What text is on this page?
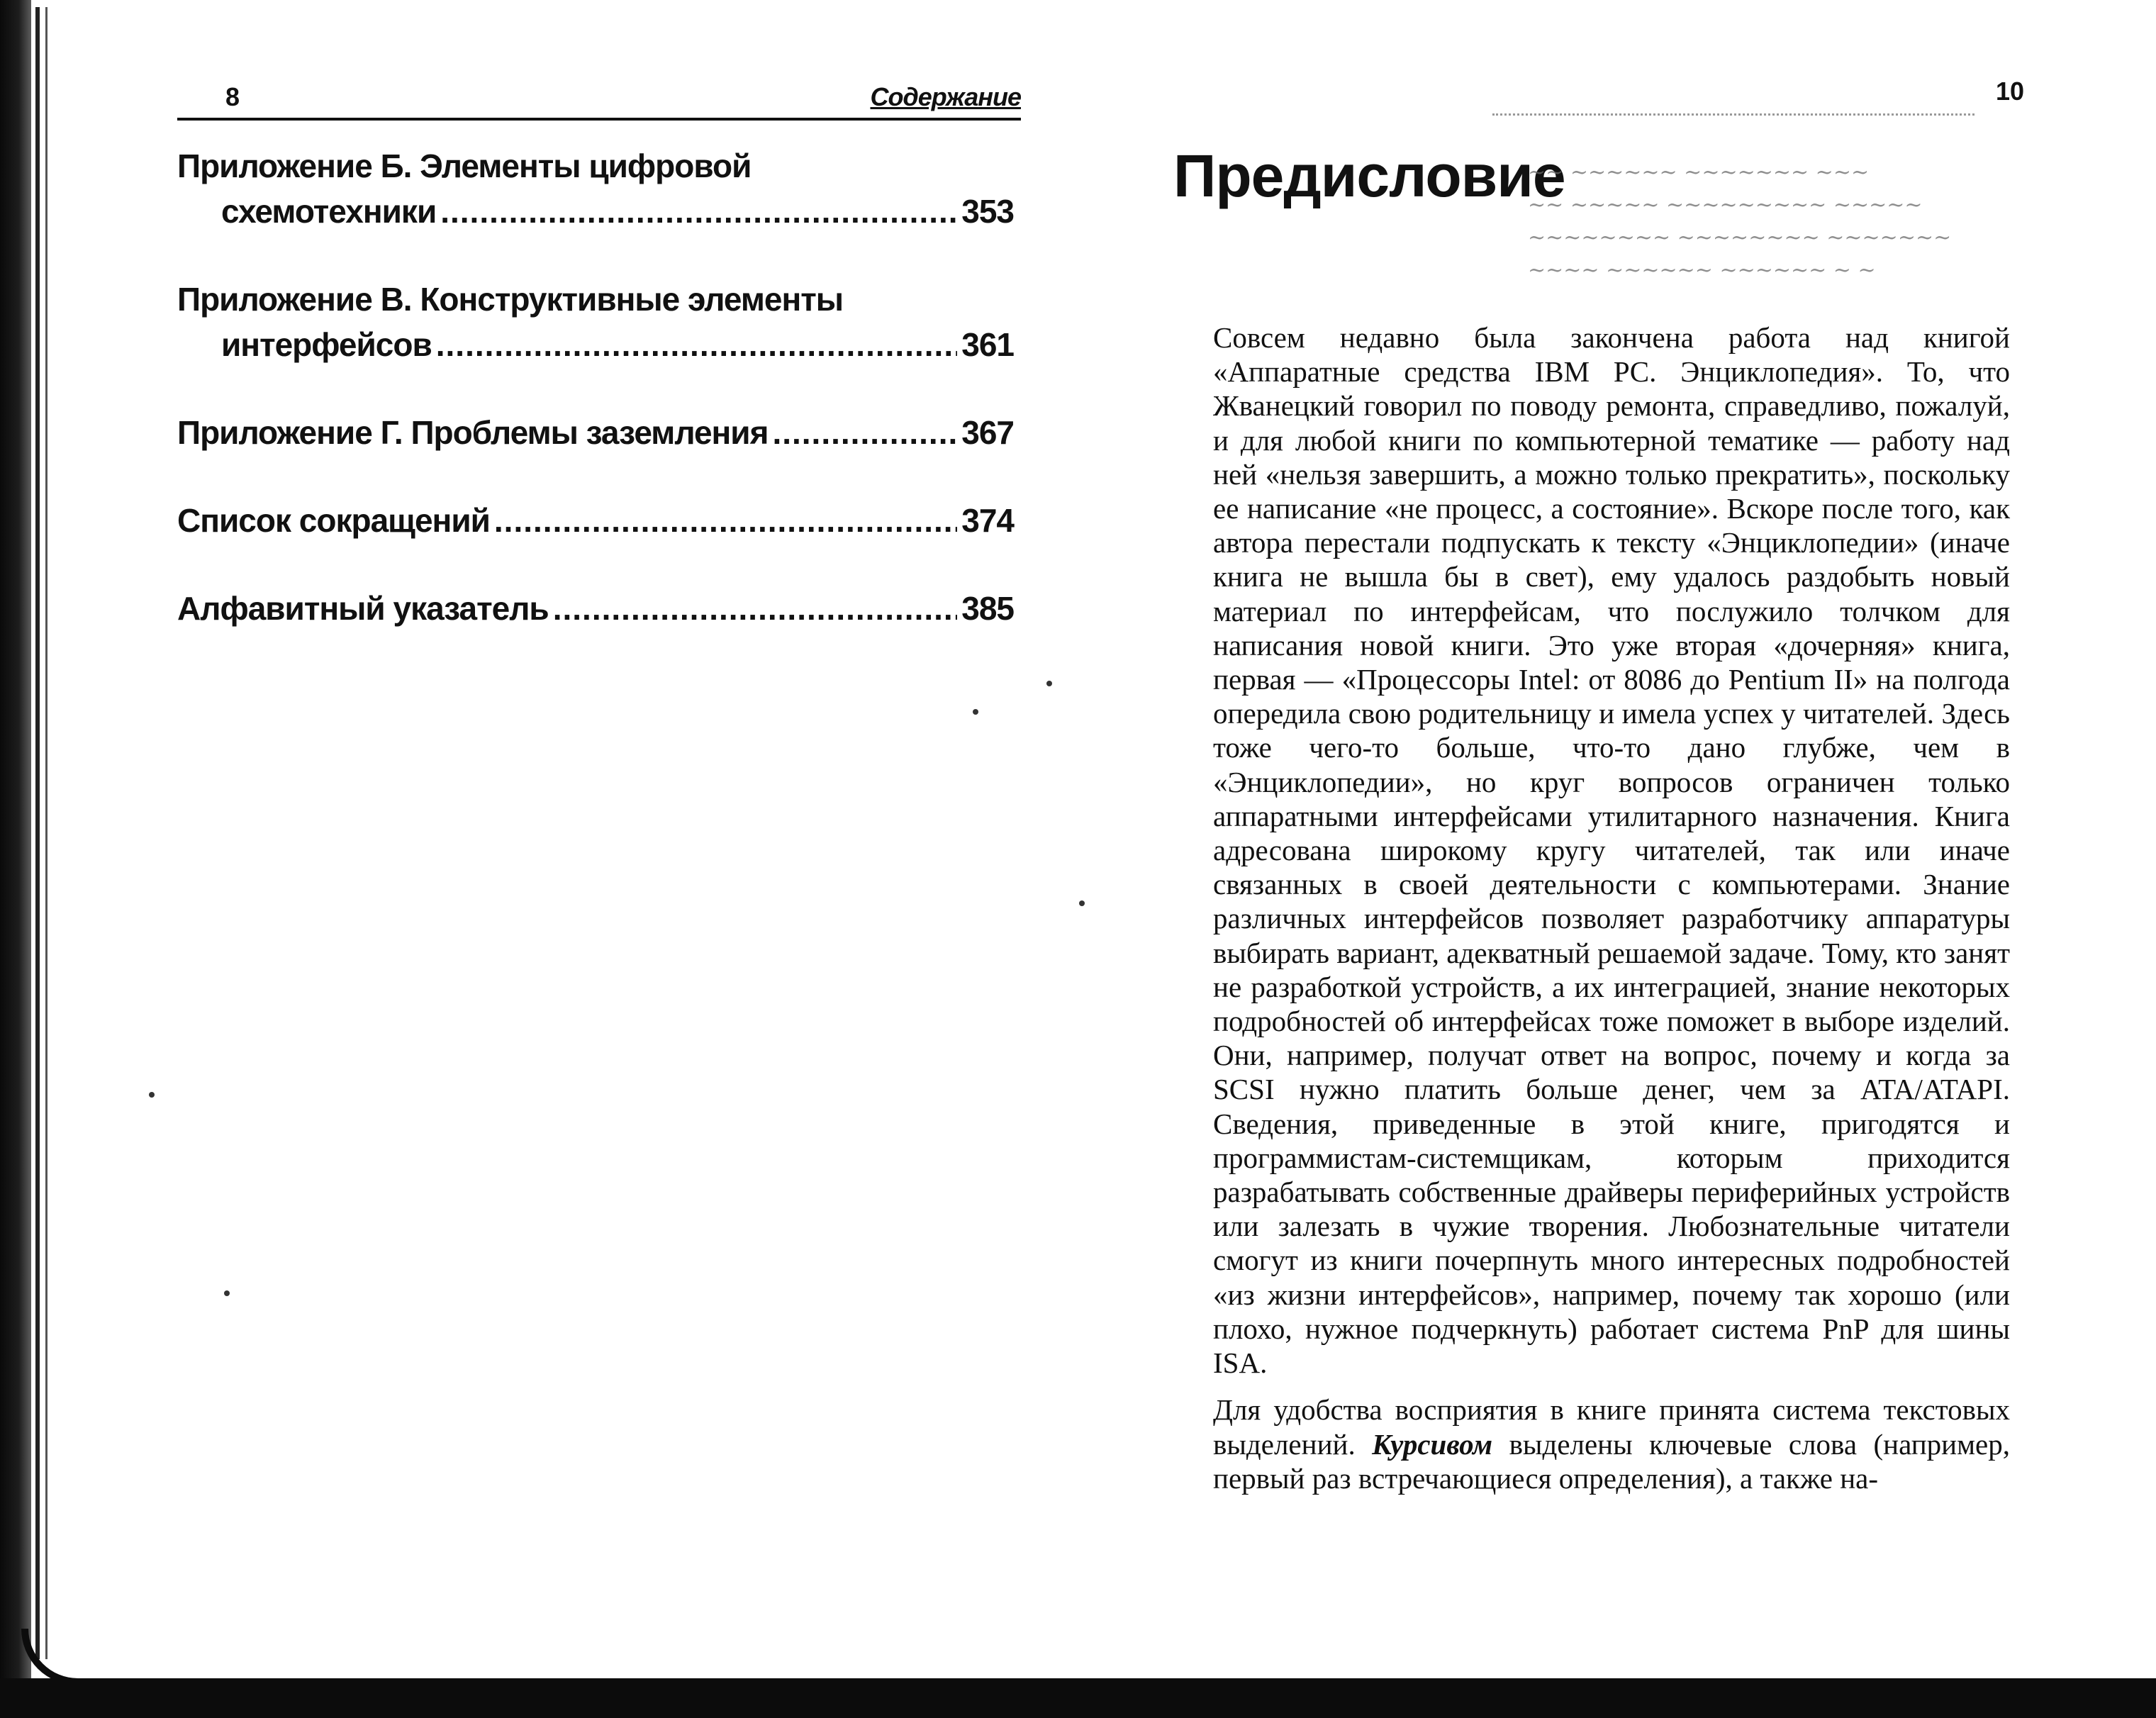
8	Содержание
Приложение Б. Элементы цифровой
схемотехники .....	353
Приложение В. Конструктивные элементы
интерфейсов .....	361
Приложение Г. Проблемы заземления .....	367
Список сокращений .....	374
Алфавитный указатель .....	385
10
Предисловие
~ ~ ~~~~~~ ~~~~~~ ~~~~
~~~~~~~ ~~~~~~~~ ~~~~~~~~
~~~~~ ~~~~~~~~~ ~~~~~ ~~
~~~ ~~~~~~~ ~~~~~~ ~~

Совсем недавно была закончена работа над книгой «Аппаратные средства IBM PC. Энциклопедия». То, что Жванецкий говорил по поводу ремонта, справедливо, пожалуй, и для любой книги по компьютерной тематике — работу над ней «нельзя завершить, а можно только прекратить», поскольку ее написание «не процесс, а состояние». Вскоре после того, как автора перестали подпускать к тексту «Энциклопедии» (иначе книга не вышла бы в свет), ему удалось раздобыть новый материал по интерфейсам, что послужило толчком для написания новой книги. Это уже вторая «дочерняя» книга, первая — «Процессоры Intel: от 8086 до Pentium II» на полгода опередила свою родительницу и имела успех у читателей. Здесь тоже чего-то больше, что-то дано глубже, чем в «Энциклопедии», но круг вопросов ограничен только аппаратными интерфейсами утилитарного назначения. Книга адресована широкому кругу читателей, так или иначе связанных в своей деятельности с компьютерами. Знание различных интерфейсов позволяет разработчику аппаратуры выбирать вариант, адекватный решаемой задаче. Тому, кто занят не разработкой устройств, а их интеграцией, знание некоторых подробностей об интерфейсах тоже поможет в выборе изделий. Они, например, получат ответ на вопрос, почему и когда за SCSI нужно платить больше денег, чем за ATA/ATAPI. Сведения, приведенные в этой книге, пригодятся и программистам-системщикам, которым приходится разрабатывать собственные драйверы периферийных устройств или залезать в чужие творения. Любознательные читатели смогут из книги почерпнуть много интересных подробностей «из жизни интерфейсов», например, почему так хорошо (или плохо, нужное подчеркнуть) работает система PnP для шины ISA.

Для удобства восприятия в книге принята система текстовых выделений. Курсивом выделены ключевые слова (например, первый раз встречающиеся определения), а также на-
